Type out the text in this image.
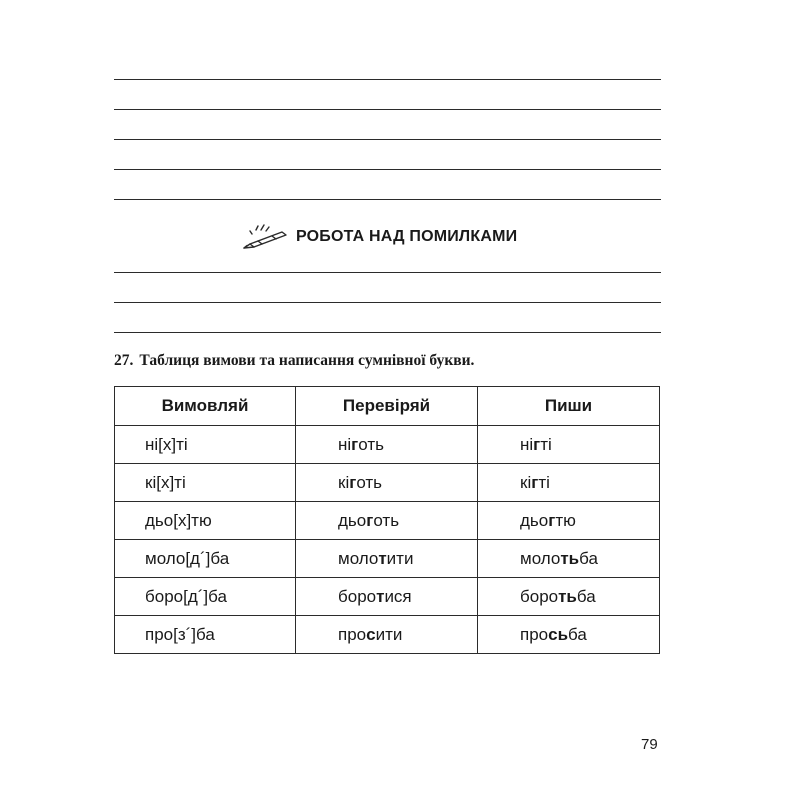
РОБОТА НАД ПОМИЛКАМИ
27. Таблиця вимови та написання сумнівної букви.
Вимовляй	Перевіряй	Пиши
ні[х]ті	ніготь	нігті
кі[х]ті	кіготь	кігті
дьо[х]тю	дьоготь	дьогтю
моло[д´]ба	молотити	молотьба
боро[д´]ба	боротися	боротьба
про[з´]ба	просити	просьба
79
